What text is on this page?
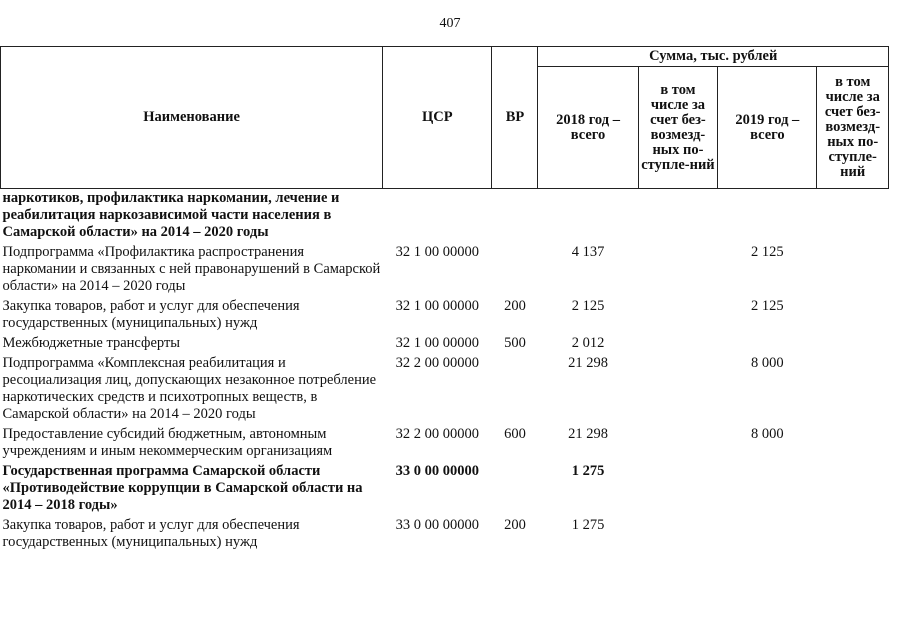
407
Наименование	ЦСР	ВР	Сумма, тыс. рублей			
			2018 год – всего	в том числе за счет без-возмезд-ных по-ступле-ний	2019 год – всего	в том числе за счет без-возмезд-ных по-ступле-ний
наркотиков, профилактика наркомании, лечение и реабилитация наркозависимой части населения в Самарской области» на 2014 – 2020 годы						
Подпрограмма «Профилактика распространения наркомании и связанных с ней правонарушений в Самарской области» на 2014 – 2020 годы	32 1 00 00000		4 137		2 125	
Закупка товаров, работ и услуг для обеспечения государственных (муниципальных) нужд	32 1 00 00000	200	2 125		2 125	
Межбюджетные трансферты	32 1 00 00000	500	2 012			
Подпрограмма «Комплексная реабилитация и ресоциализация лиц, допускающих незаконное потребление наркотических средств и психотропных веществ, в Самарской области» на 2014 – 2020 годы	32 2 00 00000		21 298		8 000	
Предоставление субсидий бюджетным, автономным учреждениям и иным некоммерческим организациям	32 2 00 00000	600	21 298		8 000	
Государственная программа Самарской области «Противодействие коррупции в Самарской области на 2014 – 2018 годы»	33 0 00 00000		1 275			
Закупка товаров, работ и услуг для обеспечения государственных (муниципальных) нужд	33 0 00 00000	200	1 275			
